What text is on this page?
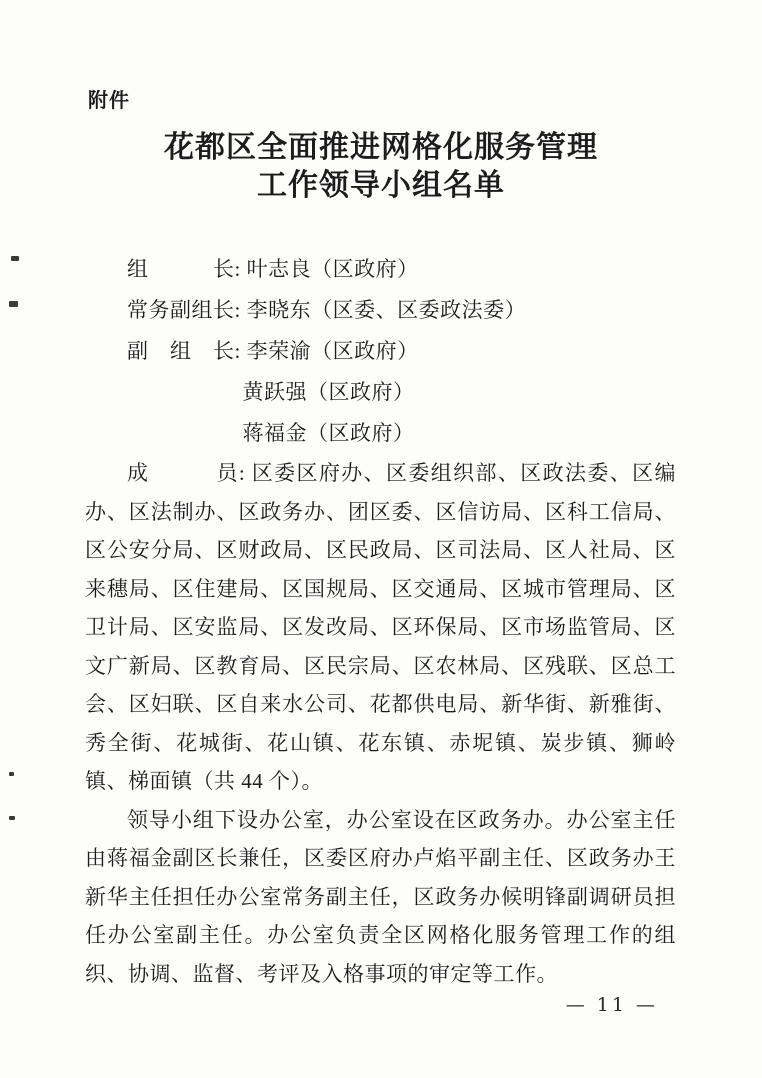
附件
花都区全面推进网格化服务管理
工作领导小组名单
组　　　长: 叶志良（区政府）
常务副组长: 李晓东（区委、区委政法委）
副　组　长: 李荣渝（区政府）
黄跃强（区政府）
蒋福金（区政府）

成　　　员: 区委区府办、区委组织部、区政法委、区编办、区法制办、区政务办、团区委、区信访局、区科工信局、区公安分局、区财政局、区民政局、区司法局、区人社局、区来穗局、区住建局、区国规局、区交通局、区城市管理局、区卫计局、区安监局、区发改局、区环保局、区市场监管局、区文广新局、区教育局、区民宗局、区农林局、区残联、区总工会、区妇联、区自来水公司、花都供电局、新华街、新雅街、秀全街、花城街、花山镇、花东镇、赤坭镇、炭步镇、狮岭镇、梯面镇（共 44 个）。

领导小组下设办公室，办公室设在区政务办。办公室主任由蒋福金副区长兼任，区委区府办卢焰平副主任、区政务办王新华主任担任办公室常务副主任，区政务办候明锋副调研员担任办公室副主任。办公室负责全区网格化服务管理工作的组织、协调、监督、考评及入格事项的审定等工作。

— 11 —
